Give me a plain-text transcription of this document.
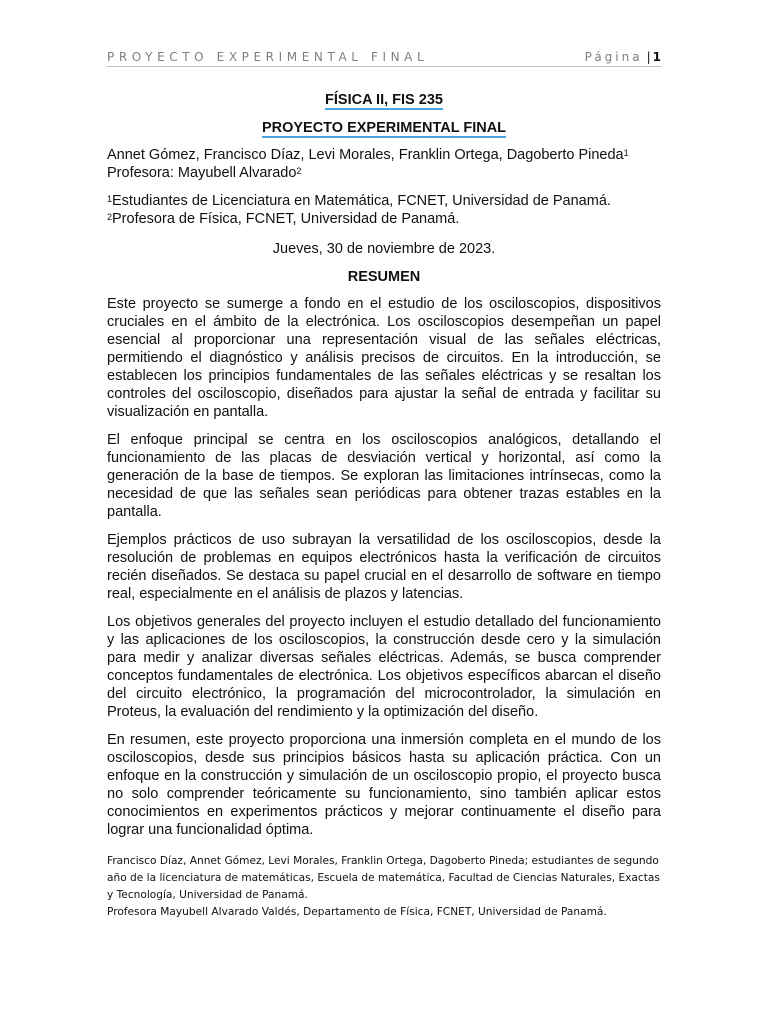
PROYECTO EXPERIMENTAL FINAL	Página | 1

FÍSICA II, FIS 235

PROYECTO EXPERIMENTAL FINAL

Annet Gómez, Francisco Díaz, Levi Morales, Franklin Ortega, Dagoberto Pineda$^1$
Profesora: Mayubell Alvarado$^2$

$^1$Estudiantes de Licenciatura en Matemática, FCNET, Universidad de Panamá.
$^2$Profesora de Física, FCNET, Universidad de Panamá.

Jueves, 30 de noviembre de 2023.

RESUMEN

Este proyecto se sumerge a fondo en el estudio de los osciloscopios, dispositivos cruciales en el ámbito de la electrónica. Los osciloscopios desempeñan un papel esencial al proporcionar una representación visual de las señales eléctricas, permitiendo el diagnóstico y análisis precisos de circuitos. En la introducción, se establecen los principios fundamentales de las señales eléctricas y se resaltan los controles del osciloscopio, diseñados para ajustar la señal de entrada y facilitar su visualización en pantalla.

El enfoque principal se centra en los osciloscopios analógicos, detallando el funcionamiento de las placas de desviación vertical y horizontal, así como la generación de la base de tiempos. Se exploran las limitaciones intrínsecas, como la necesidad de que las señales sean periódicas para obtener trazas estables en la pantalla.

Ejemplos prácticos de uso subrayan la versatilidad de los osciloscopios, desde la resolución de problemas en equipos electrónicos hasta la verificación de circuitos recién diseñados. Se destaca su papel crucial en el desarrollo de software en tiempo real, especialmente en el análisis de plazos y latencias.

Los objetivos generales del proyecto incluyen el estudio detallado del funcionamiento y las aplicaciones de los osciloscopios, la construcción desde cero y la simulación para medir y analizar diversas señales eléctricas. Además, se busca comprender conceptos fundamentales de electrónica. Los objetivos específicos abarcan el diseño del circuito electrónico, la programación del microcontrolador, la simulación en Proteus, la evaluación del rendimiento y la optimización del diseño.

En resumen, este proyecto proporciona una inmersión completa en el mundo de los osciloscopios, desde sus principios básicos hasta su aplicación práctica. Con un enfoque en la construcción y simulación de un osciloscopio propio, el proyecto busca no solo comprender teóricamente su funcionamiento, sino también aplicar estos conocimientos en experimentos prácticos y mejorar continuamente el diseño para lograr una funcionalidad óptima.

Francisco Díaz, Annet Gómez, Levi Morales, Franklin Ortega, Dagoberto Pineda; estudiantes de segundo año de la licenciatura de matemáticas, Escuela de matemática, Facultad de Ciencias Naturales, Exactas y Tecnología, Universidad de Panamá.

Profesora Mayubell Alvarado Valdés, Departamento de Física, FCNET, Universidad de Panamá.
